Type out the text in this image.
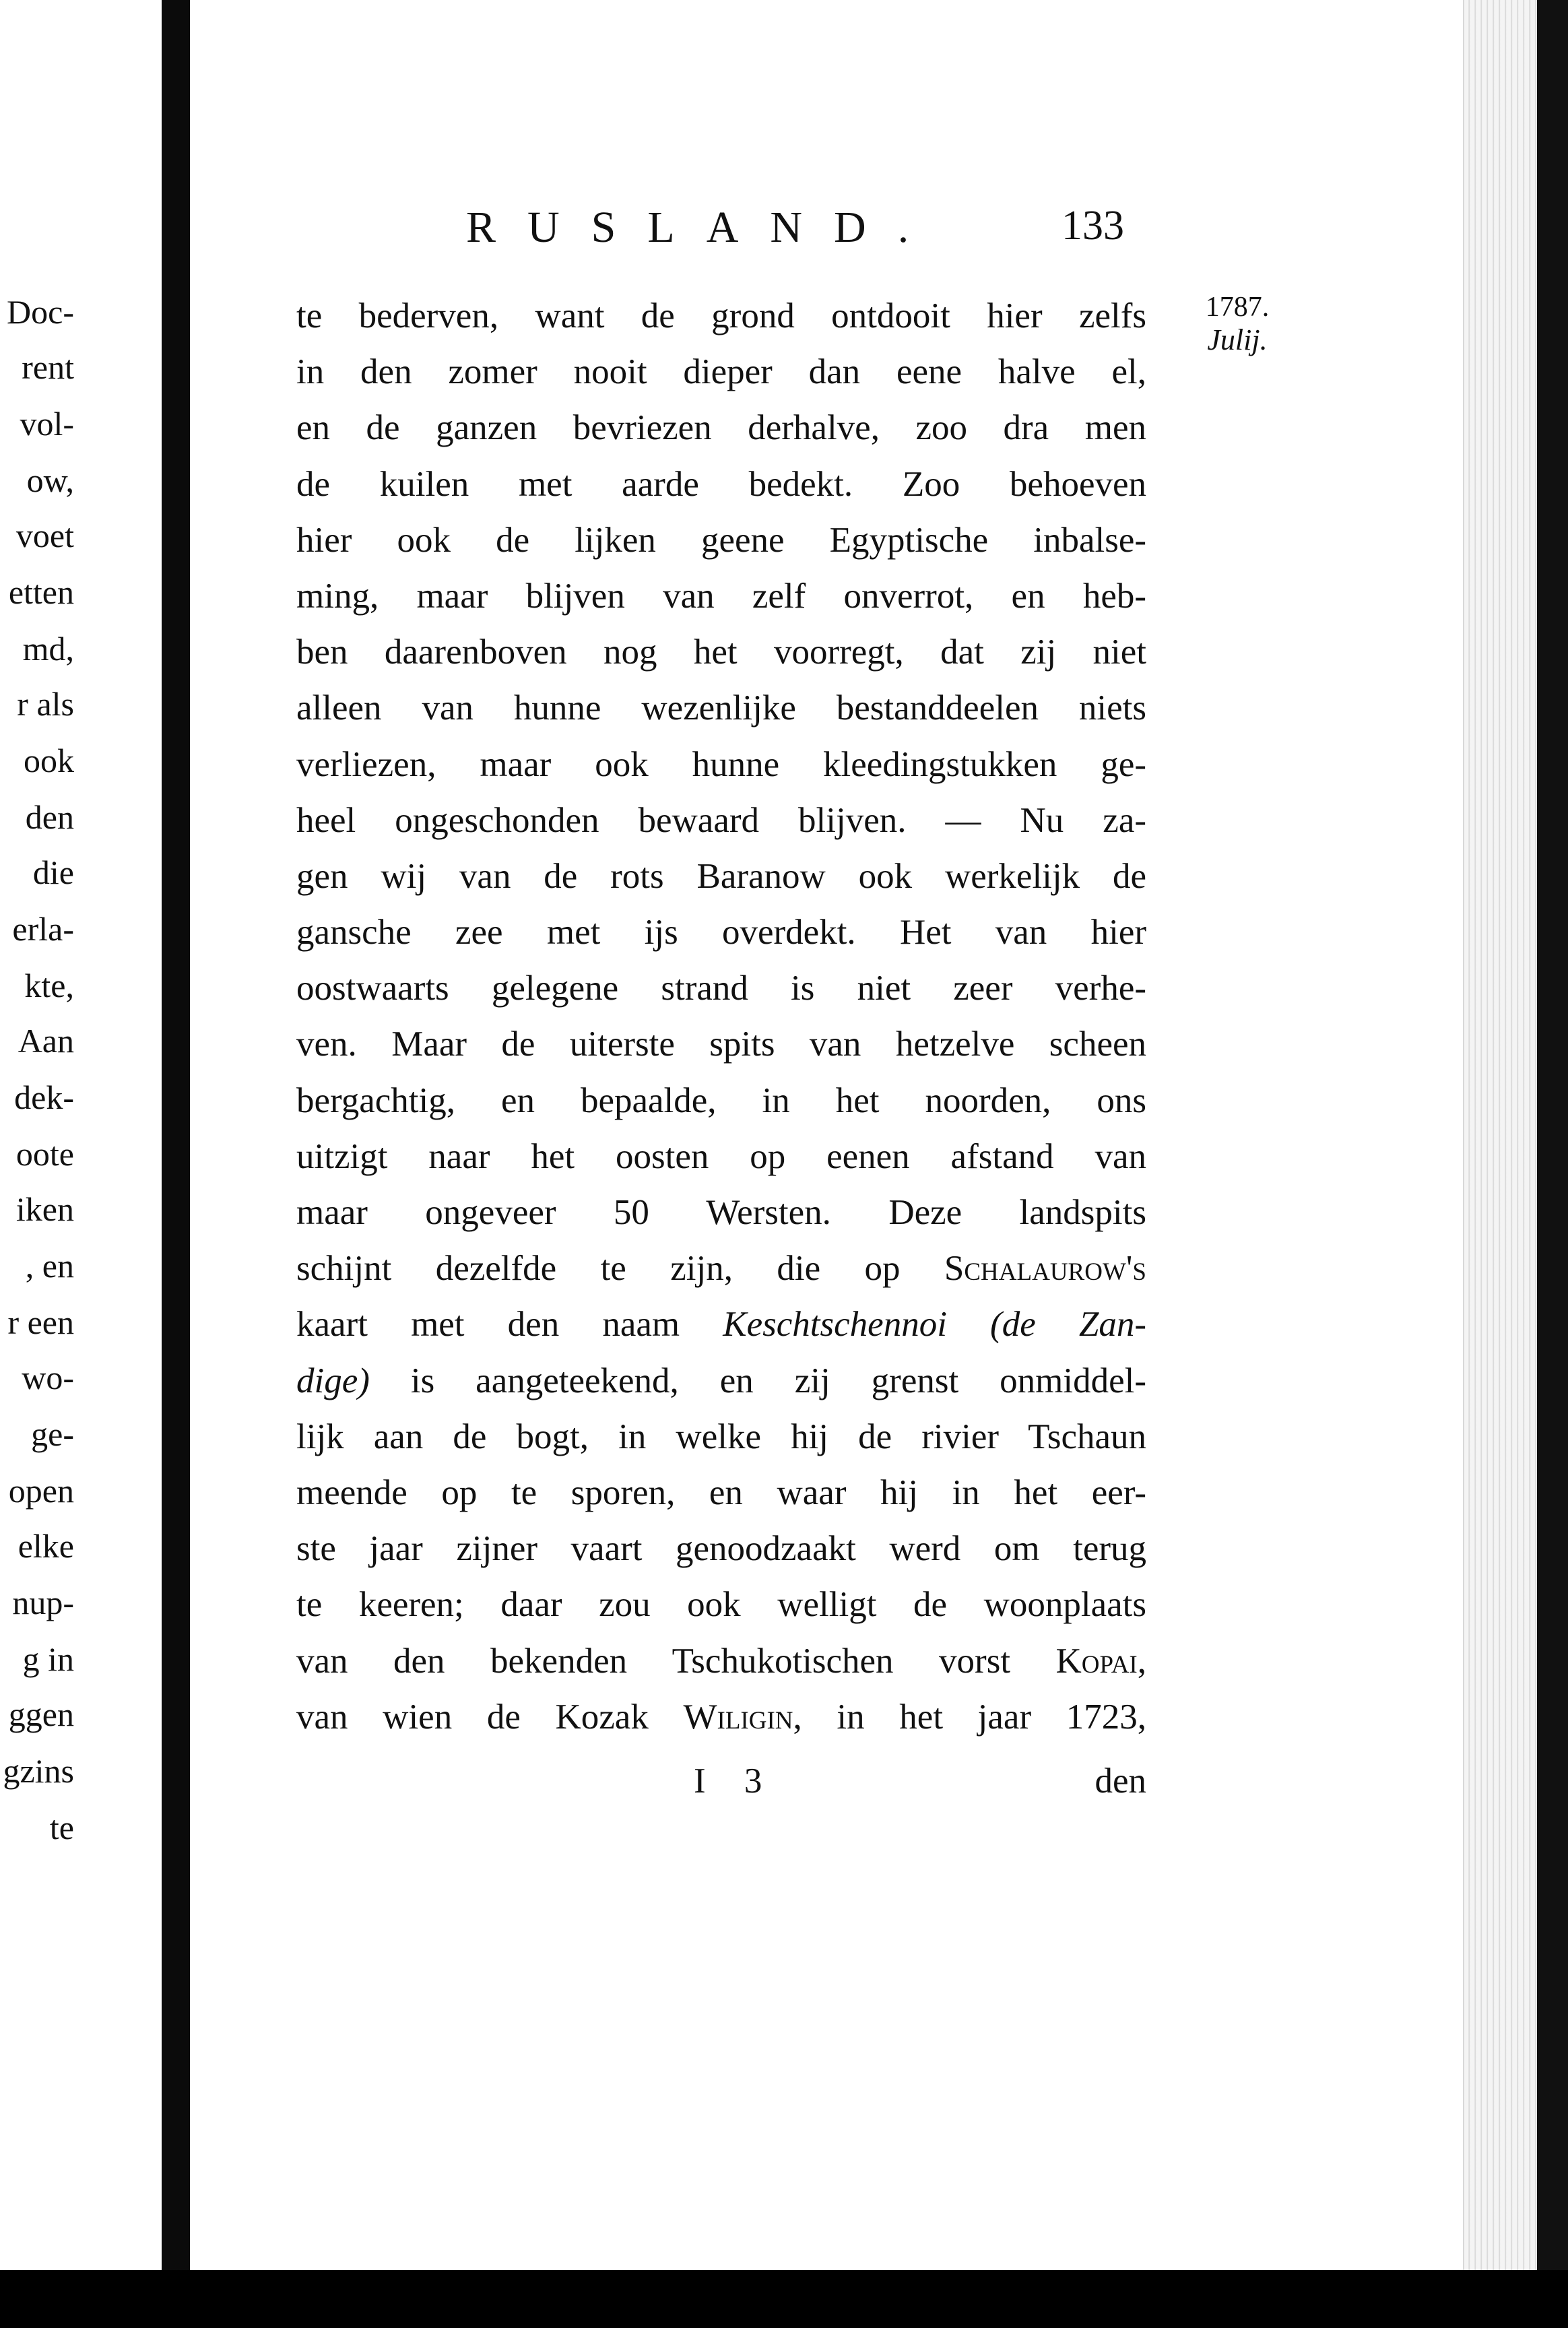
Doc-
rent
vol-
ow,
voet
etten
md,
r als
ook
den
die
erla-
kte,
Aan
dek-
oote
iken
, en
r een
wo-
ge-
open
elke
nup-
g in
ggen
gzins
te
RUSLAND.	133
1787.
Julij.
te bederven, want de grond ontdooit hier zelfs
in den zomer nooit dieper dan eene halve el,
en de ganzen bevriezen derhalve, zoo dra men
de kuilen met aarde bedekt. Zoo behoeven
hier ook de lijken geene Egyptische inbalse-
ming, maar blijven van zelf onverrot, en heb-
ben daarenboven nog het voorregt, dat zij niet
alleen van hunne wezenlijke bestanddeelen niets
verliezen, maar ook hunne kleedingstukken ge-
heel ongeschonden bewaard blijven. — Nu za-
gen wij van de rots Baranow ook werkelijk de
gansche zee met ijs overdekt. Het van hier
oostwaarts gelegene strand is niet zeer verhe-
ven. Maar de uiterste spits van hetzelve scheen
bergachtig, en bepaalde, in het noorden, ons
uitzigt naar het oosten op eenen afstand van
maar ongeveer 50 Wersten. Deze landspits
schijnt dezelfde te zijn, die op Schalaurow's
kaart met den naam Keschtschennoi (de Zan-
dige) is aangeteekend, en zij grenst onmiddel-
lijk aan de bogt, in welke hij de rivier Tschaun
meende op te sporen, en waar hij in het eer-
ste jaar zijner vaart genoodzaakt werd om terug
te keeren; daar zou ook welligt de woonplaats
van den bekenden Tschukotischen vorst Kopai,
van wien de Kozak Wiligin, in het jaar 1723,
I 3	den
